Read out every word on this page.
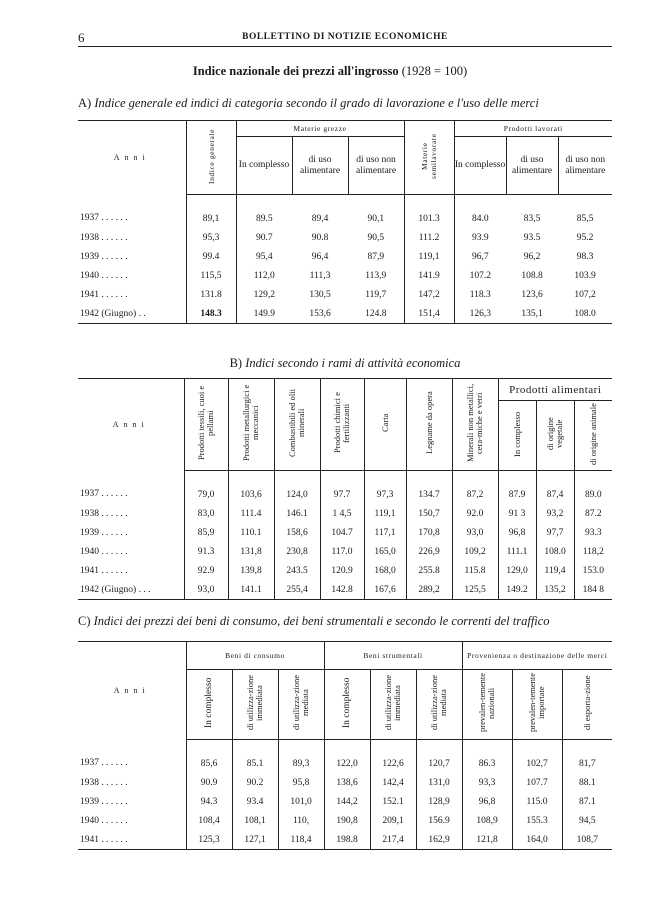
6	BOLLETTINO DI NOTIZIE ECONOMICHE
Indice nazionale dei prezzi all'ingrosso (1928 = 100)
A) Indice generale ed indici di categoria secondo il grado di lavorazione e l'uso delle merci
Anni	Indice generale	Materie grezze			Materie semilavorate	Prodotti lavorati		
		In complesso	di uso alimentare	di uso non alimentare		In complesso	di uso alimentare	di uso non alimentare
1937 . . . . . .	89,1	89.5	89,4	90,1	101.3	84.0	83,5	85,5
1938 . . . . . .	95,3	90.7	90.8	90,5	111.2	93.9	93.5	95.2
1939 . . . . . .	99.4	95,4	96,4	87,9	119,1	96,7	96,2	98.3
1940 . . . . . .	115,5	112,0	111,3	113,9	141.9	107.2	108.8	103.9
1941 . . . . . .	131.8	129,2	130,5	119,7	147,2	118.3	123,6	107,2
1942 (Giugno) . .	148.3	149.9	153,6	124.8	151,4	126,3	135,1	108.0
B) Indici secondo i rami di attività economica
Anni	Prodotti tessili, cuoi e pellami	Prodotti metallurgici e meccanici	Combustibili ed olii minerali	Prodotti chimici e fertilizzanti	Carta	Legname da opera	Minerali non metallici, cera-miche e vetri	Prodotti alimentari		
								In complesso	di origine vegetale	di origine animale
1937 . . . . . .	79,0	103,6	124,0	97.7	97,3	134.7	87,2	87.9	87,4	89.0
1938 . . . . . .	83,0	111.4	146.1	1 4,5	119,1	150,7	92.0	91 3	93,2	87.2
1939 . . . . . .	85,9	110.1	158,6	104.7	117,1	170,8	93,0	96,8	97,7	93.3
1940 . . . . . .	91.3	131,8	230,8	117.0	165,0	226,9	109,2	111.1	108.0	118,2
1941 . . . . . .	92.9	139,8	243.5	120.9	168,0	255.8	115.8	129,0	119,4	153.0
1942 (Giugno) . . .	93,0	141.1	255,4	142.8	167,6	289,2	125,5	149.2	135,2	184 8
C) Indici dei prezzi dei beni di consumo, dei beni strumentali e secondo le correnti del traffico
Anni	Beni di consumo			Beni strumentali			Provenienza o destinazione delle merci		
	In complesso	di utilizza-zione immediata	di utilizza-zione mediata	In complesso	di utilizza-zione immediata	di utilizza-zione mediata	prevalen-temente nazionali	prevalen-temente importate	di esporta-zione
1937 . . . . . .	85,6	85.1	89,3	122,0	122,6	120,7	86.3	102,7	81,7
1938 . . . . . .	90.9	90.2	95,8	138,6	142,4	131,0	93,3	107.7	88.1
1939 . . . . . .	94.3	93.4	101,0	144,2	152.1	128,9	96,8	115.0	87.1
1940 . . . . . .	108,4	108,1	110,	190,8	209,1	156.9	108,9	155.3	94,5
1941 . . . . . .	125,3	127,1	118,4	198.8	217,4	162,9	121,8	164,0	108,7
